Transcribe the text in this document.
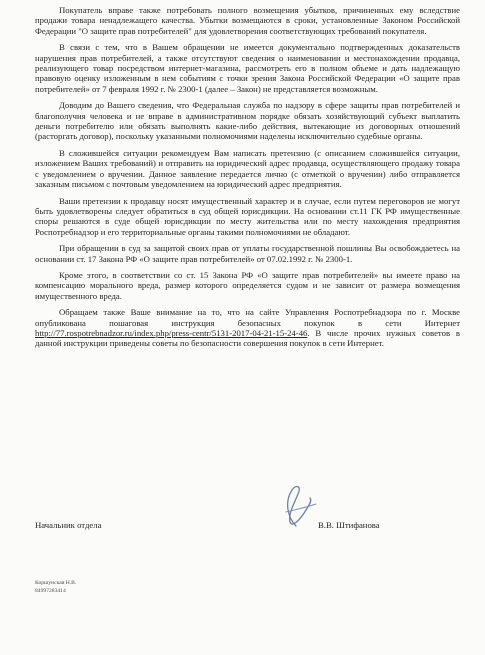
Покупатель вправе также потребовать полного возмещения убытков, причиненных ему вследствие продажи товара ненадлежащего качества. Убытки возмещаются в сроки, установленные Законом Российской Федерации "О защите прав потребителей" для удовлетворения соответствующих требований покупателя.

В связи с тем, что в Вашем обращении не имеется документально подтвержденных доказательств нарушения прав потребителей, а также отсутствуют сведения о наименовании и местонахождении продавца, реализующего товар посредством интернет-магазина, рассмотреть его в полном объеме и дать надлежащую правовую оценку изложенным в нем событиям с точки зрения Закона Российской Федерации «О защите прав потребителей» от 7 февраля 1992 г. № 2300-1 (далее – Закон) не представляется возможным.

Доводим до Вашего сведения, что Федеральная служба по надзору в сфере защиты прав потребителей и благополучия человека и не вправе в административном порядке обязать хозяйствующий субъект выплатить деньги потребителю или обязать выполнять какие-либо действия, вытекающие из договорных отношений (расторгать договор), поскольку указанными полномочиями наделены исключительно судебные органы.

В сложившейся ситуации рекомендуем Вам написать претензию (с описанием сложившейся ситуации, изложением Ваших требований) и отправить на юридический адрес продавца, осуществляющего продажу товара с уведомлением о вручении. Данное заявление передается лично (с отметкой о вручении) либо отправляется заказным письмом с почтовым уведомлением на юридический адрес предприятия.

Ваши претензии к продавцу носят имущественный характер и в случае, если путем переговоров не могут быть удовлетворены следует обратиться в суд общей юрисдикции. На основании ст.11 ГК РФ имущественные споры решаются в суде общей юрисдикции по месту жительства или по месту нахождения предприятия Роспотребнадзор и его территориальные органы такими полномочиями не обладают.

При обращении в суд за защитой своих прав от уплаты государственной пошлины Вы освобождаетесь на основании ст. 17 Закона РФ «О защите прав потребителей» от 07.02.1992 г. № 2300-1.

Кроме этого, в соответствии со ст. 15 Закона РФ «О защите прав потребителей» вы имеете право на компенсацию морального вреда, размер которого определяется судом и не зависит от размера возмещения имущественного вреда.

Обращаем также Ваше внимание на то, что на сайте Управления Роспотребнадзора по г. Москве опубликована пошаговая инструкция безопасных покупок в сети Интернет http://77.rospotrebnadzor.ru/index.php/press-centr/5131-2017-04-21-15-24-46. В числе прочих нужных советов в данной инструкции приведены советы по безопасности совершения покупок в сети Интернет.

Начальник отдела	В.В. Штифанова
Коршунская Н.В.
84997283414
